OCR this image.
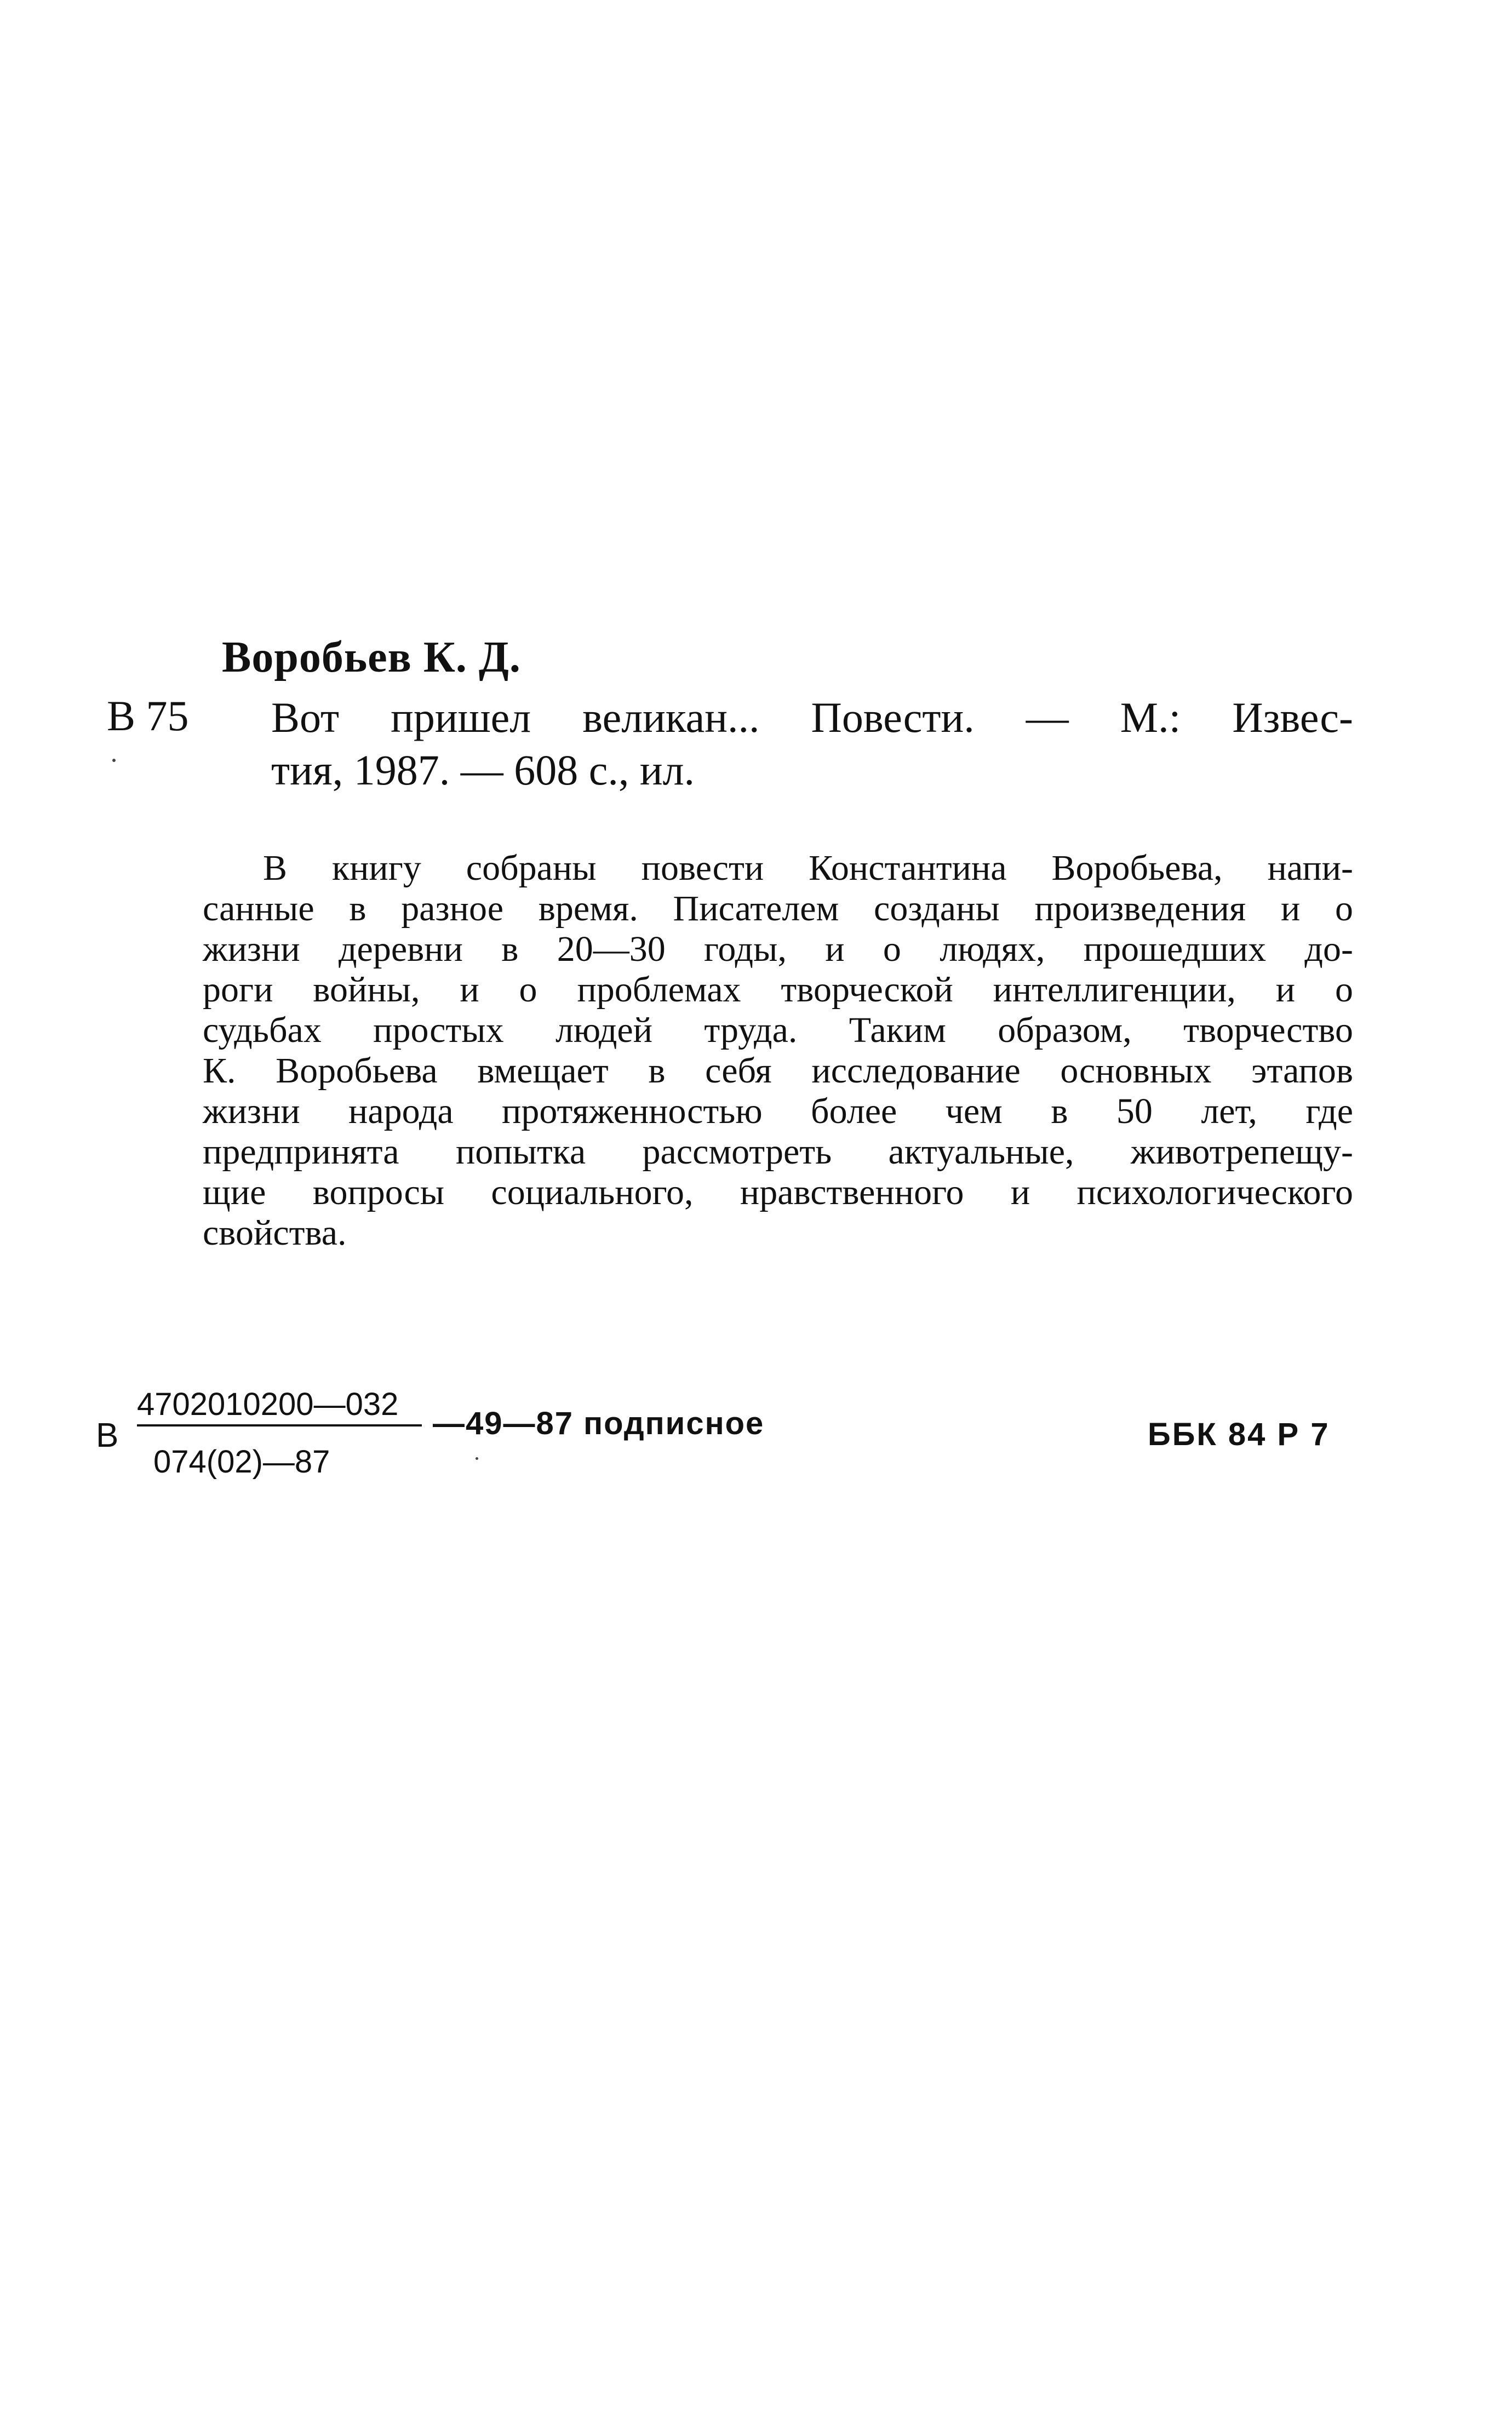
Воробьев К. Д.
В 75 Вот пришел великан... Повести. — М.: Извес-
тия, 1987. — 608 с., ил.
В книгу собраны повести Константина Воробьева, напи-
санные в разное время. Писателем созданы произведения и о
жизни деревни в 20—30 годы, и о людях, прошедших до-
роги войны, и о проблемах творческой интеллигенции, и о
судьбах простых людей труда. Таким образом, творчество
К. Воробьева вмещает в себя исследование основных этапов
жизни народа протяженностью более чем в 50 лет, где
предпринята попытка рассмотреть актуальные, животрепещу-
щие вопросы социального, нравственного и психологического
свойства.
В
4702010200—032
074(02)—87
—49—87 подписное	ББК 84 Р 7
